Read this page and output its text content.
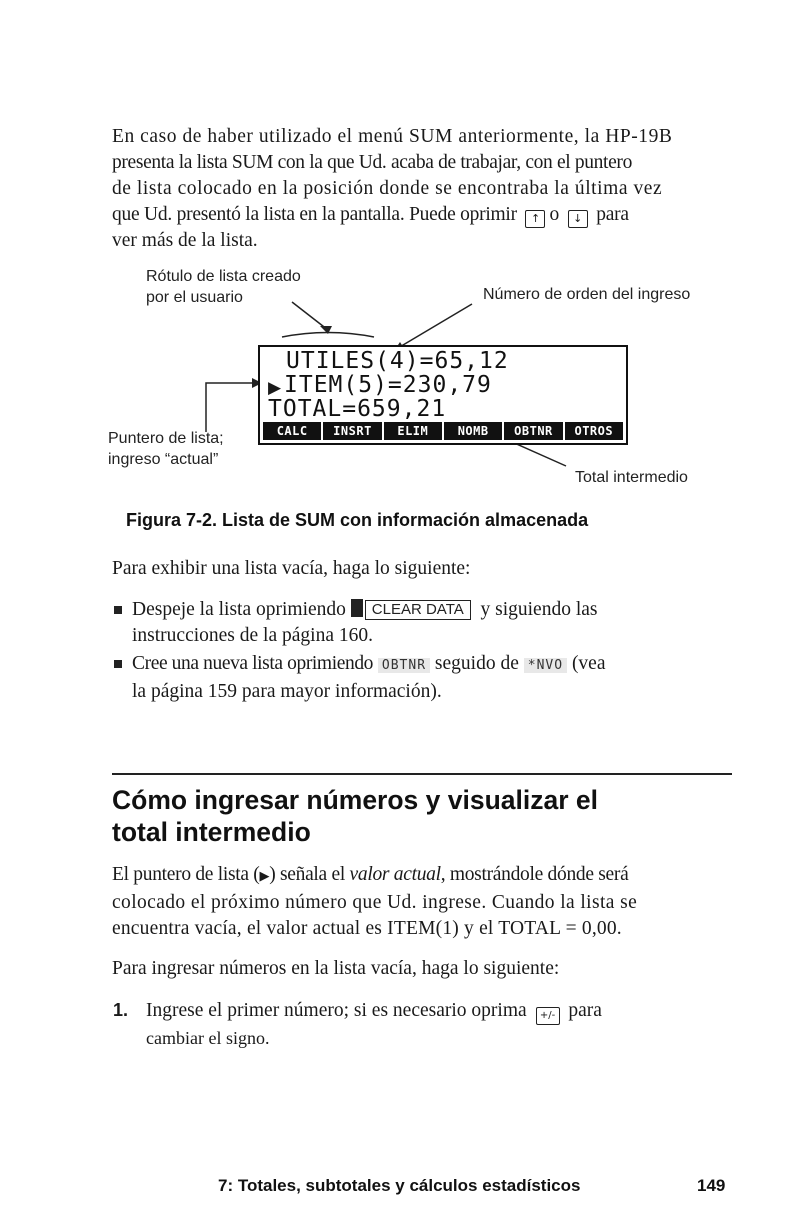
En caso de haber utilizado el menú SUM anteriormente, la HP-19B
presenta la lista SUM con la que Ud. acaba de trabajar, con el puntero
de lista colocado en la posición donde se encontraba la última vez
que Ud. presentó la lista en la pantalla. Puede oprimir ↑ o ↓ para
ver más de la lista.
Rótulo de lista creado
por el usuario	Número de orden del ingreso
Puntero de lista;
ingreso “actual”
Total intermedio
UTILES(4)=65,12
▶ ITEM(5)=230,79
TOTAL=659,21
CALC	INSRT	ELIM	NOMB	OBTNR	OTROS
Figura 7-2. Lista de SUM con información almacenada
Para exhibir una lista vacía, haga lo siguiente:
Despeje la lista oprimiendo CLEAR DATA y siguiendo las
instrucciones de la página 160.
Cree una nueva lista oprimiendo OBTNR seguido de *NVO (vea
la página 159 para mayor información).
Cómo ingresar números y visualizar el
total intermedio
El puntero de lista (▶) señala el valor actual, mostrándole dónde será
colocado el próximo número que Ud. ingrese. Cuando la lista se
encuentra vacía, el valor actual es ITEM(1) y el TOTAL = 0,00.
Para ingresar números en la lista vacía, haga lo siguiente:
1. Ingrese el primer número; si es necesario oprima +/- para
cambiar el signo.
7: Totales, subtotales y cálculos estadísticos	149
